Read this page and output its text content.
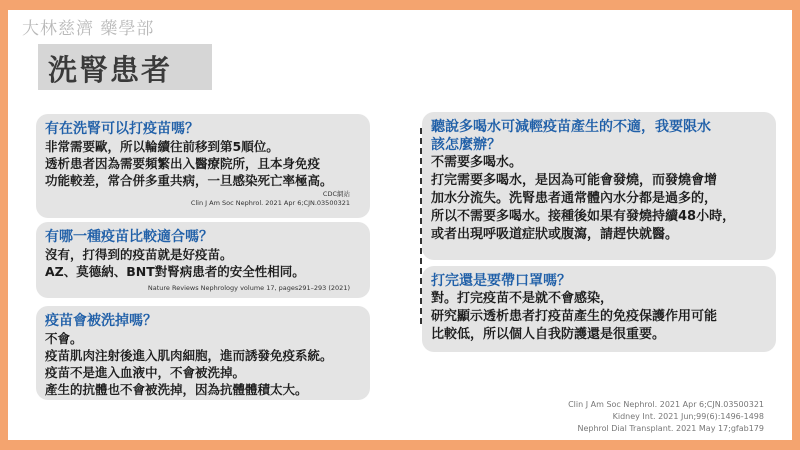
大林慈濟 藥學部
洗腎患者
有在洗腎可以打疫苗嗎？
非常需要歐，所以輪續往前移到第5順位。
透析患者因為需要頻繁出入醫療院所，且本身免疫
功能較差，常合併多重共病，一旦感染死亡率極高。
CDC網站
Clin J Am Soc Nephrol. 2021 Apr 6;CJN.03500321
有哪一種疫苗比較適合嗎？
沒有，打得到的疫苗就是好疫苗。
AZ、莫德納、BNT對腎病患者的安全性相同。
Nature Reviews Nephrology volume 17, pages291–293 (2021)
疫苗會被洗掉嗎？
不會。
疫苗肌肉注射後進入肌肉細胞，進而誘發免疫系統。
疫苗不是進入血液中，不會被洗掉。
產生的抗體也不會被洗掉，因為抗體體積太大。
聽說多喝水可減輕疫苗產生的不適，我要限水
該怎麼辦？
不需要多喝水。
打完需要多喝水，是因為可能會發燒，而發燒會增
加水分流失。洗腎患者通常體內水分都是過多的，
所以不需要多喝水。接種後如果有發燒持續48小時，
或者出現呼吸道症狀或腹瀉，請趕快就醫。
打完還是要帶口罩嗎？
對。打完疫苗不是就不會感染，
研究顯示透析患者打疫苗產生的免疫保護作用可能
比較低，所以個人自我防護還是很重要。
Clin J Am Soc Nephrol. 2021 Apr 6;CJN.03500321
Kidney Int. 2021 Jun;99(6):1496-1498
Nephrol Dial Transplant. 2021 May 17;gfab179
